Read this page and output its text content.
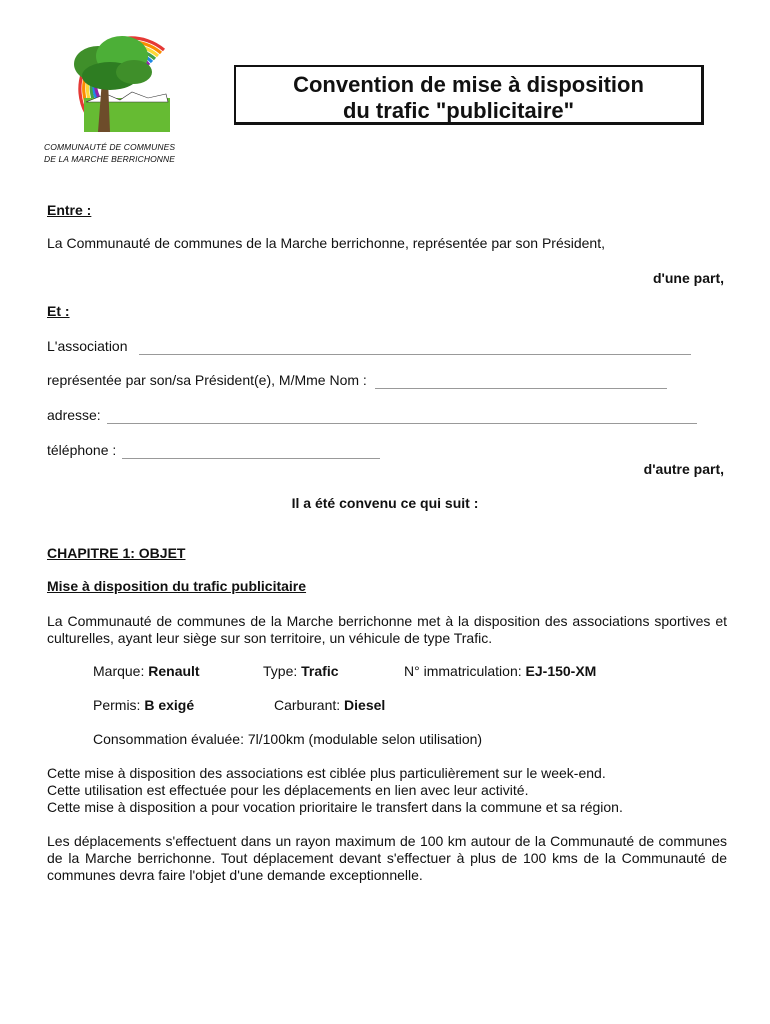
COMMUNAUTÉ DE COMMUNES
DE LA MARCHE BERRICHONNE
Convention de mise à disposition
du trafic "publicitaire"
Entre :
La Communauté de communes de la Marche berrichonne, représentée par son Président,
d'une part,
Et :
L'association
représentée par son/sa Président(e), M/Mme Nom :
adresse:
téléphone :
d'autre part,
Il a été convenu ce qui suit :
CHAPITRE 1: OBJET
Mise à disposition du trafic publicitaire
La Communauté de communes de la Marche berrichonne met à la disposition des associations sportives et culturelles, ayant leur siège sur son territoire, un véhicule de type Trafic.
Marque: Renault	Type: Trafic	N° immatriculation: EJ-150-XM
Permis: B exigé	Carburant: Diesel
Consommation évaluée: 7l/100km (modulable selon utilisation)
Cette mise à disposition des associations est ciblée plus particulièrement sur le week-end.
Cette utilisation est effectuée pour les déplacements en lien avec leur activité.
Cette mise à disposition a pour vocation prioritaire le transfert dans la commune et sa région.
Les déplacements s'effectuent dans un rayon maximum de 100 km autour de la Communauté de communes de la Marche berrichonne. Tout déplacement devant s'effectuer à plus de 100 kms de la Communauté de communes devra faire l'objet d'une demande exceptionnelle.
